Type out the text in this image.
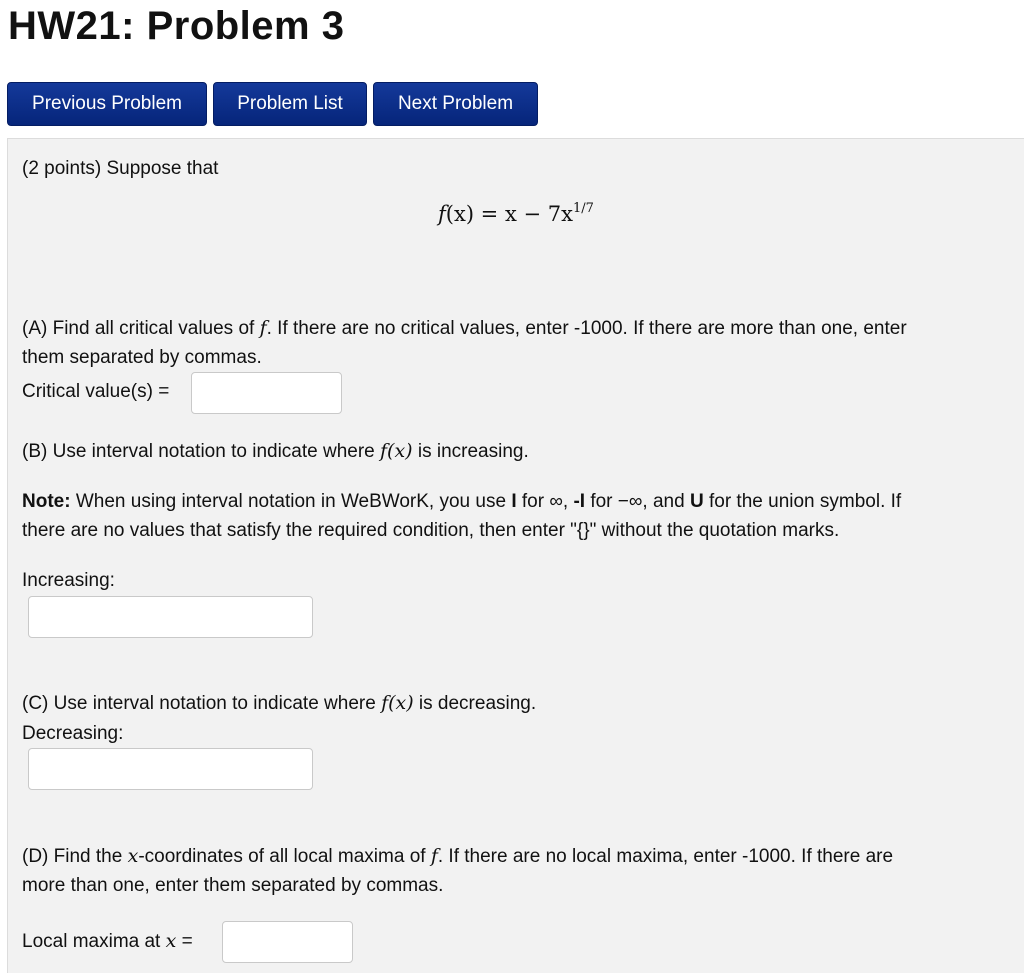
HW21: Problem 3
Previous Problem	Problem List	Next Problem
(2 points) Suppose that
$f(x) = x - 7x^{1/7}$
(A) Find all critical values of f. If there are no critical values, enter -1000. If there are more than one, enter
them separated by commas.
Critical value(s) =
(B) Use interval notation to indicate where f(x) is increasing.
Note: When using interval notation in WeBWorK, you use I for ∞, -I for −∞, and U for the union symbol. If
there are no values that satisfy the required condition, then enter "{}" without the quotation marks.
Increasing:
(C) Use interval notation to indicate where f(x) is decreasing.
Decreasing:
(D) Find the x-coordinates of all local maxima of f. If there are no local maxima, enter -1000. If there are
more than one, enter them separated by commas.
Local maxima at x =
